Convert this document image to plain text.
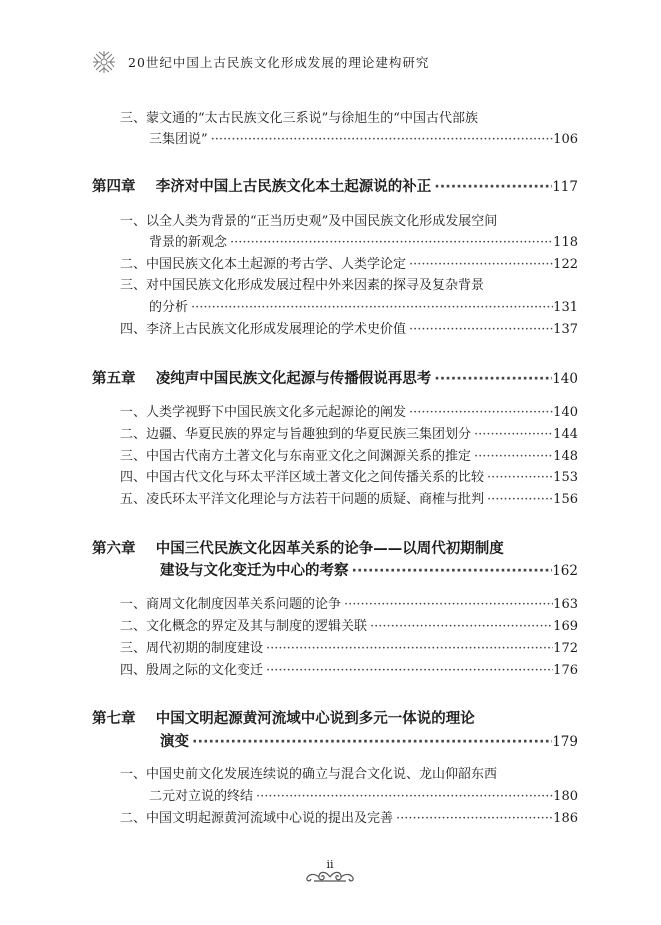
20世纪中国上古民族文化形成发展的理论建构研究
三、蒙文通的“太古民族文化三系说”与徐旭生的“中国古代部族
三集团说” ·····	106
第四章    李济对中国上古民族文化本土起源说的补正 ·····	117
一、以全人类为背景的“正当历史观”及中国民族文化形成发展空间
背景的新观念 ·····	118
二、中国民族文化本土起源的考古学、人类学论定 ·····	122
三、对中国民族文化形成发展过程中外来因素的探寻及复杂背景
的分析 ·····	131
四、李济上古民族文化形成发展理论的学术史价值 ·····	137
第五章    凌纯声中国民族文化起源与传播假说再思考 ·····	140
一、人类学视野下中国民族文化多元起源论的阐发 ·····	140
二、边疆、华夏民族的界定与旨趣独到的华夏民族三集团划分 ·····	144
三、中国古代南方土著文化与东南亚文化之间渊源关系的推定 ·····	148
四、中国古代文化与环太平洋区域土著文化之间传播关系的比较 ·····	153
五、凌氏环太平洋文化理论与方法若干问题的质疑、商榷与批判 ·····	156
第六章    中国三代民族文化因革关系的论争——以周代初期制度
建设与文化变迁为中心的考察 ·····	162
一、商周文化制度因革关系问题的论争 ·····	163
二、文化概念的界定及其与制度的逻辑关联 ·····	169
三、周代初期的制度建设 ·····	172
四、殷周之际的文化变迁 ·····	176
第七章    中国文明起源黄河流域中心说到多元一体说的理论
演变 ·····	179
一、中国史前文化发展连续说的确立与混合文化说、龙山仰韶东西
二元对立说的终结 ·····	180
二、中国文明起源黄河流域中心说的提出及完善 ·····	186
ii
